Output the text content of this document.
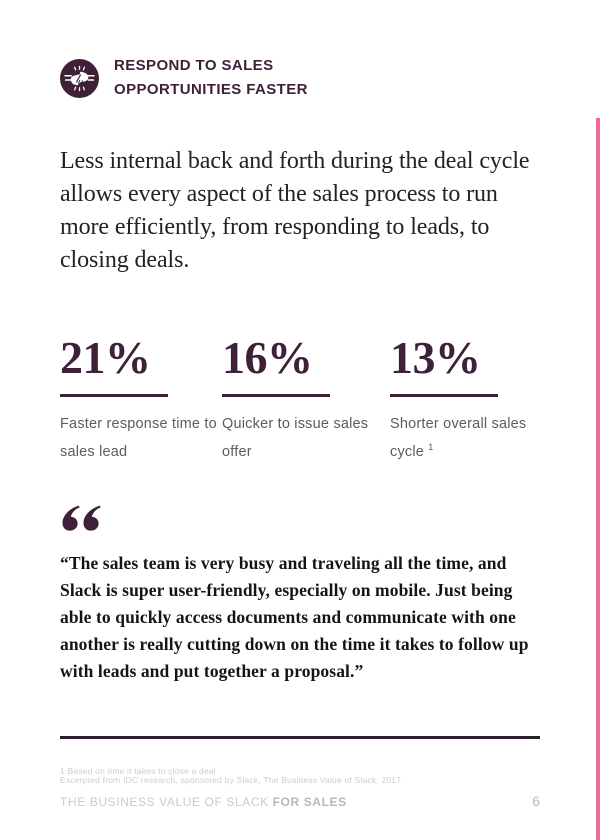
RESPOND TO SALES
OPPORTUNITIES FASTER

Less internal back and forth during the deal cycle allows every aspect of the sales process to run more efficiently, from responding to leads, to closing deals.

21%
Faster response time to sales lead
16%
Quicker to issue sales offer
13%
Shorter overall sales cycle $^1$

“The sales team is very busy and traveling all the time, and Slack is super user-friendly, especially on mobile. Just being able to quickly access documents and communicate with one another is really cutting down on the time it takes to follow up with leads and put together a proposal.”

1 Based on time it takes to close a deal
Excerpted from IDC research, sponsored by Slack, The Business Value of Slack, 2017
THE BUSINESS VALUE OF SLACK FOR SALES	6
